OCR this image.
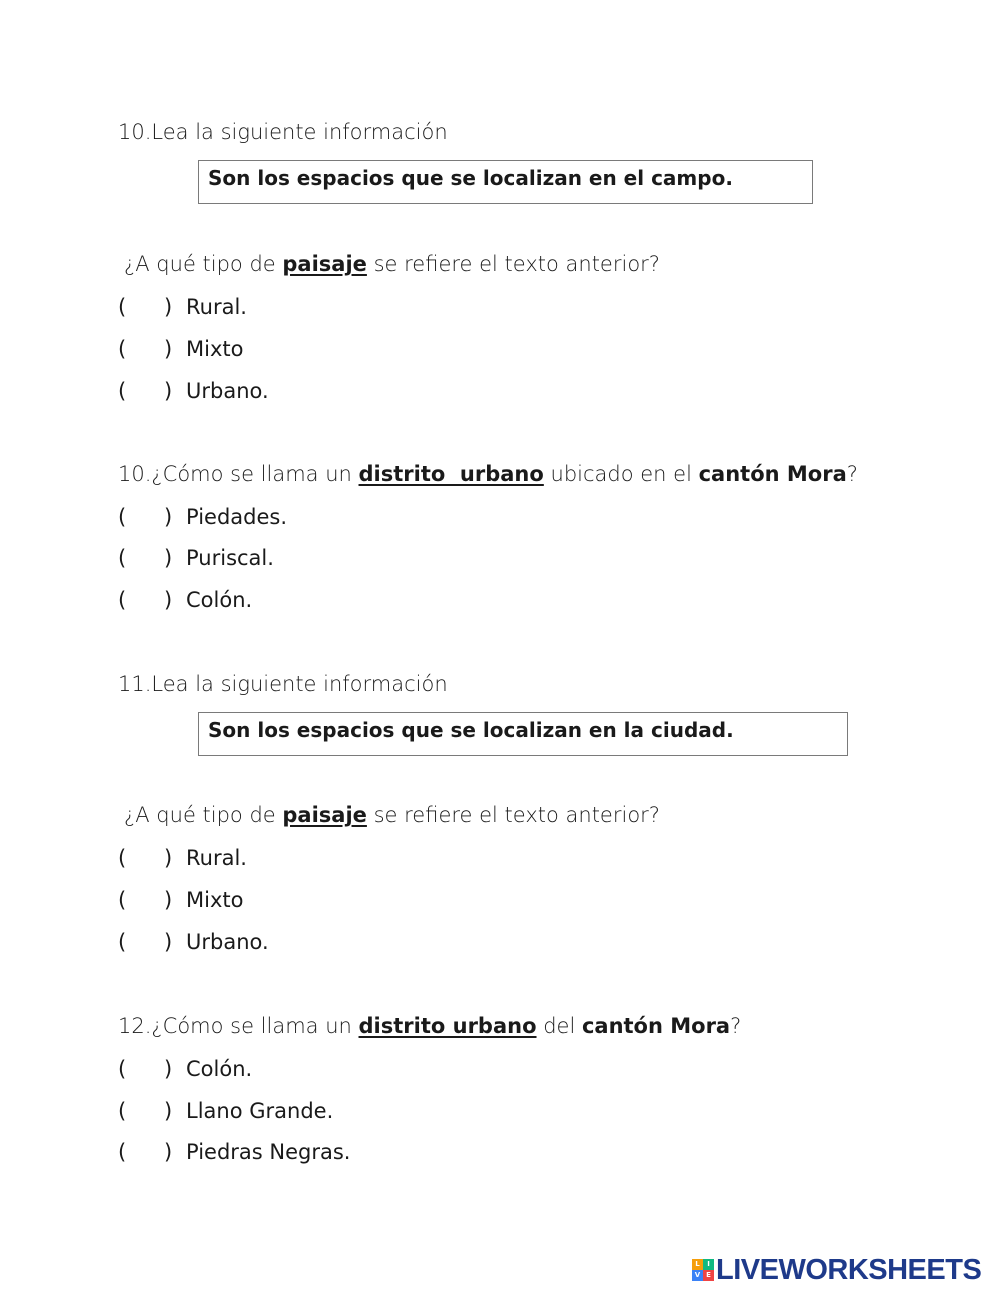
10.Lea la siguiente información
Son los espacios que se localizan en el campo.
¿A qué tipo de paisaje se refiere el texto anterior?
( ) Rural.
( ) Mixto
( ) Urbano.
10.¿Cómo se llama un distrito  urbano ubicado en el cantón Mora?
( ) Piedades.
( ) Puriscal.
( ) Colón.
11.Lea la siguiente información
Son los espacios que se localizan en la ciudad.
¿A qué tipo de paisaje se refiere el texto anterior?
( ) Rural.
( ) Mixto
( ) Urbano.
12.¿Cómo se llama un distrito urbano del cantón Mora?
( ) Colón.
( ) Llano Grande.
( ) Piedras Negras.
L	I
V E LIVEWORKSHEETS
